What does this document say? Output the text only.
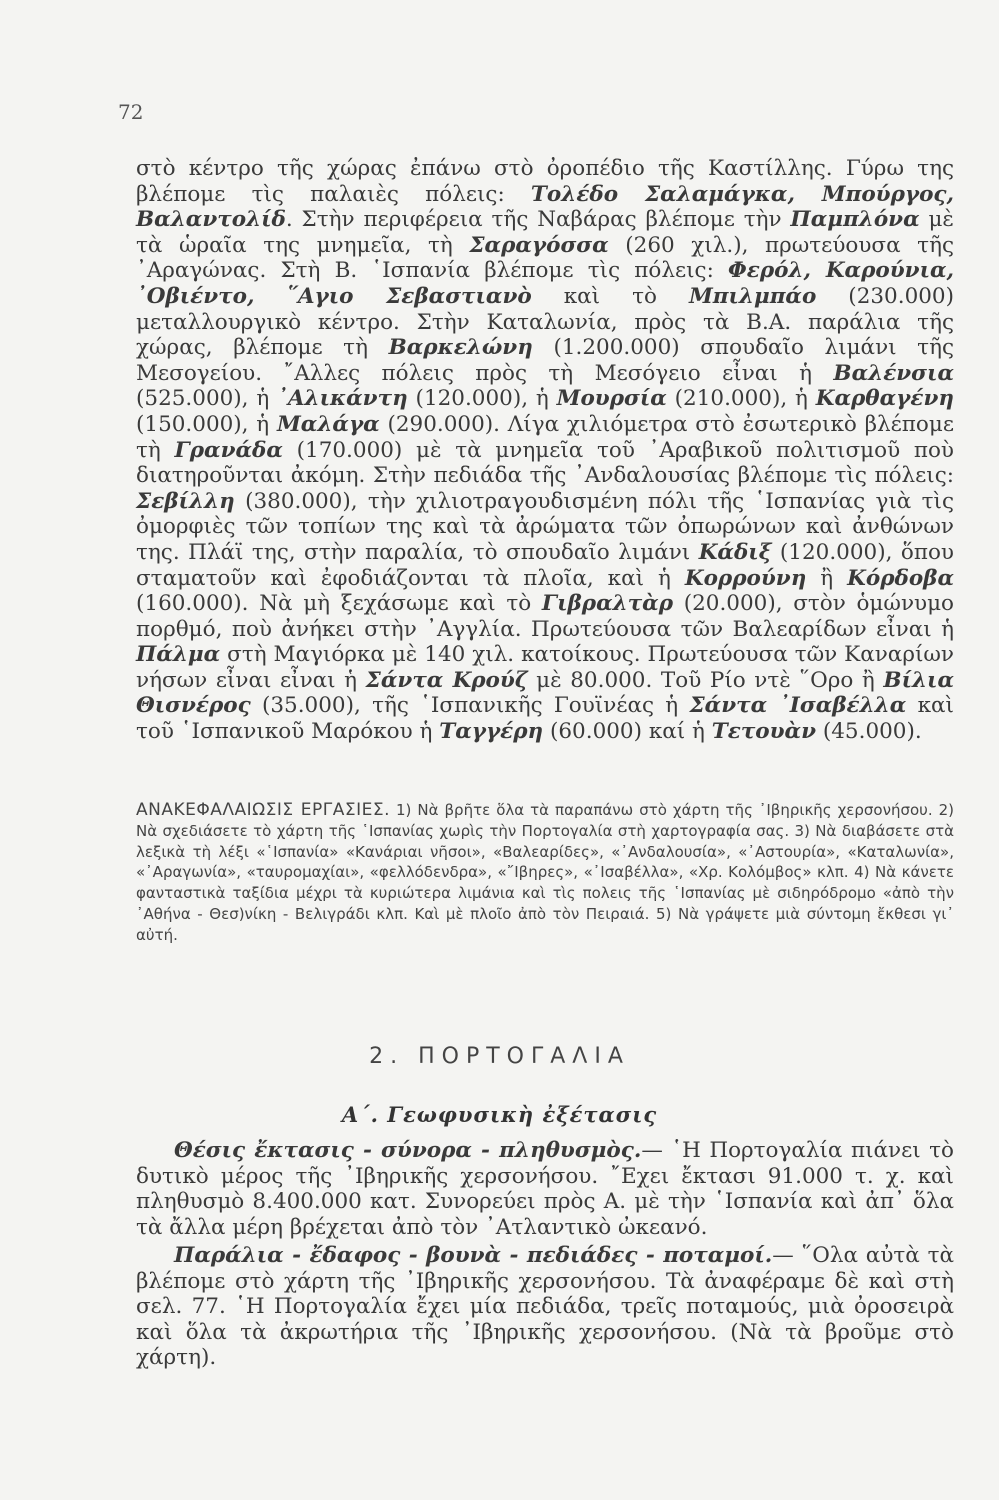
72
στὸ κέντρο τῆς χώρας ἐπάνω στὸ ὀροπέδιο τῆς Καστίλλης. Γύρω της βλέπομε τὶς παλαιὲς πόλεις: Τολέδο Σαλαμάγκα, Μπούργος, Βαλαντολίδ. Στὴν περιφέρεια τῆς Ναβάρας βλέπομε τὴν Παμπλόνα μὲ τὰ ὡραῖα της μνημεῖα, τὴ Σαραγόσσα (260 χιλ.), πρωτεύουσα τῆς ᾿Αραγώνας. Στὴ Β. ῾Ισπανία βλέπομε τὶς πόλεις: Φερόλ, Καρούνια, ᾿Οβιέντο, ῞Αγιο Σεβαστιανὸ καὶ τὸ Μπιλμπάο (230.000) μεταλλουργικὸ κέντρο. Στὴν Καταλωνία, πρὸς τὰ Β.Α. παράλια τῆς χώρας, βλέπομε τὴ Βαρκελώνη (1.200.000) σπουδαῖο λιμάνι τῆς Μεσογείου. ῎Αλλες πόλεις πρὸς τὴ Μεσόγειο εἶναι ἡ Βαλένσια (525.000), ἡ ᾿Αλικάντη (120.000), ἡ Μουρσία (210.000), ἡ Καρθαγένη (150.000), ἡ Μαλάγα (290.000). Λίγα χιλιόμετρα στὸ ἐσωτερικὸ βλέπομε τὴ Γρανάδα (170.000) μὲ τὰ μνημεῖα τοῦ ᾿Αραβικοῦ πολιτισμοῦ ποὺ διατηροῦνται ἀκόμη. Στὴν πεδιάδα τῆς ᾿Ανδαλουσίας βλέπομε τὶς πόλεις: Σεβίλλη (380.000), τὴν χιλιοτραγουδισμένη πόλι τῆς ῾Ισπανίας γιὰ τὶς ὀμορφιὲς τῶν τοπίων της καὶ τὰ ἀρώματα τῶν ὀπωρώνων καὶ ἀνθώνων της. Πλάϊ της, στὴν παραλία, τὸ σπουδαῖο λιμάνι Κάδιξ (120.000), ὅπου σταματοῦν καὶ ἐφοδιάζονται τὰ πλοῖα, καὶ ἡ Κορρούνη ἢ Κόρδοβα (160.000). Νὰ μὴ ξεχάσωμε καὶ τὸ Γιβραλτὰρ (20.000), στὸν ὁμώνυμο πορθμό, ποὺ ἀνήκει στὴν ᾿Αγγλία. Πρωτεύουσα τῶν Βαλεαρίδων εἶναι ἡ Πάλμα στὴ Μαγιόρκα μὲ 140 χιλ. κατοίκους. Πρωτεύουσα τῶν Καναρίων νήσων εἶναι εἶναι ἡ Σάντα Κρούζ μὲ 80.000. Τοῦ Ρίο ντὲ ῞Ορο ἢ Βίλια Θισνέρος (35.000), τῆς ῾Ισπανικῆς Γουϊνέας ἡ Σάντα ᾿Ισαβέλλα καὶ τοῦ ῾Ισπανικοῦ Μαρόκου ἡ Ταγγέρη (60.000) καί ἡ Τετουὰν (45.000).
ΑΝΑΚΕΦΑΛΑΙΩΣΙΣ ΕΡΓΑΣΙΕΣ. 1) Νὰ βρῆτε ὅλα τὰ παραπάνω στὸ χάρτη τῆς ᾿Ιβηρικῆς χερσονήσου. 2) Νὰ σχεδιάσετε τὸ χάρτη τῆς ῾Ισπανίας χωρὶς τὴν Πορτογαλία στὴ χαρτογραφία σας. 3) Νὰ διαβάσετε στὰ λεξικὰ τὴ λέξι «῾Ισπανία» «Κανάριαι νῆσοι», «Βαλεαρίδες», «᾿Ανδαλουσία», «᾿Αστουρία», «Καταλωνία», «᾿Αραγωνία», «ταυρομαχίαι», «φελλόδενδρα», «῎Ιβηρες», «᾿Ισαβέλλα», «Χρ. Κολόμβος» κλπ. 4) Νὰ κάνετε φανταστικὰ ταξίδια μέχρι τὰ κυριώτερα λιμάνια καὶ τὶς πολεις τῆς ῾Ισπανίας μὲ σιδηρόδρομο «ἀπὸ τὴν ᾿Αθήνα - Θεσ)νίκη - Βελιγράδι κλπ. Καὶ μὲ πλοῖο ἀπὸ τὸν Πειραιά. 5) Νὰ γράψετε μιὰ σύντομη ἔκθεσι γι᾿ αὐτή.
2. ΠΟΡΤΟΓΑΛΙΑ
Α΄. Γεωφυσικὴ ἐξέτασις
Θέσις ἔκτασις - σύνορα - πληθυσμὸς.— ῾Η Πορτογαλία πιάνει τὸ δυτικὸ μέρος τῆς ᾿Ιβηρικῆς χερσονήσου. ῎Εχει ἔκτασι 91.000 τ. χ. καὶ πληθυσμὸ 8.400.000 κατ. Συνορεύει πρὸς Α. μὲ τὴν ῾Ισπανία καὶ ἀπ᾿ ὅλα τὰ ἄλλα μέρη βρέχεται ἀπὸ τὸν ᾿Ατλαντικὸ ὠκεανό.
Παράλια - ἔδαφος - βουνὰ - πεδιάδες - ποταμοί.— ῞Ολα αὐτὰ τὰ βλέπομε στὸ χάρτη τῆς ᾿Ιβηρικῆς χερσονήσου. Τὰ ἀναφέραμε δὲ καὶ στὴ σελ. 77. ῾Η Πορτογαλία ἔχει μία πεδιάδα, τρεῖς ποταμούς, μιὰ ὀροσειρὰ καὶ ὅλα τὰ ἀκρωτήρια τῆς ᾿Ιβηρικῆς χερσονήσου. (Νὰ τὰ βροῦμε στὸ χάρτη).
